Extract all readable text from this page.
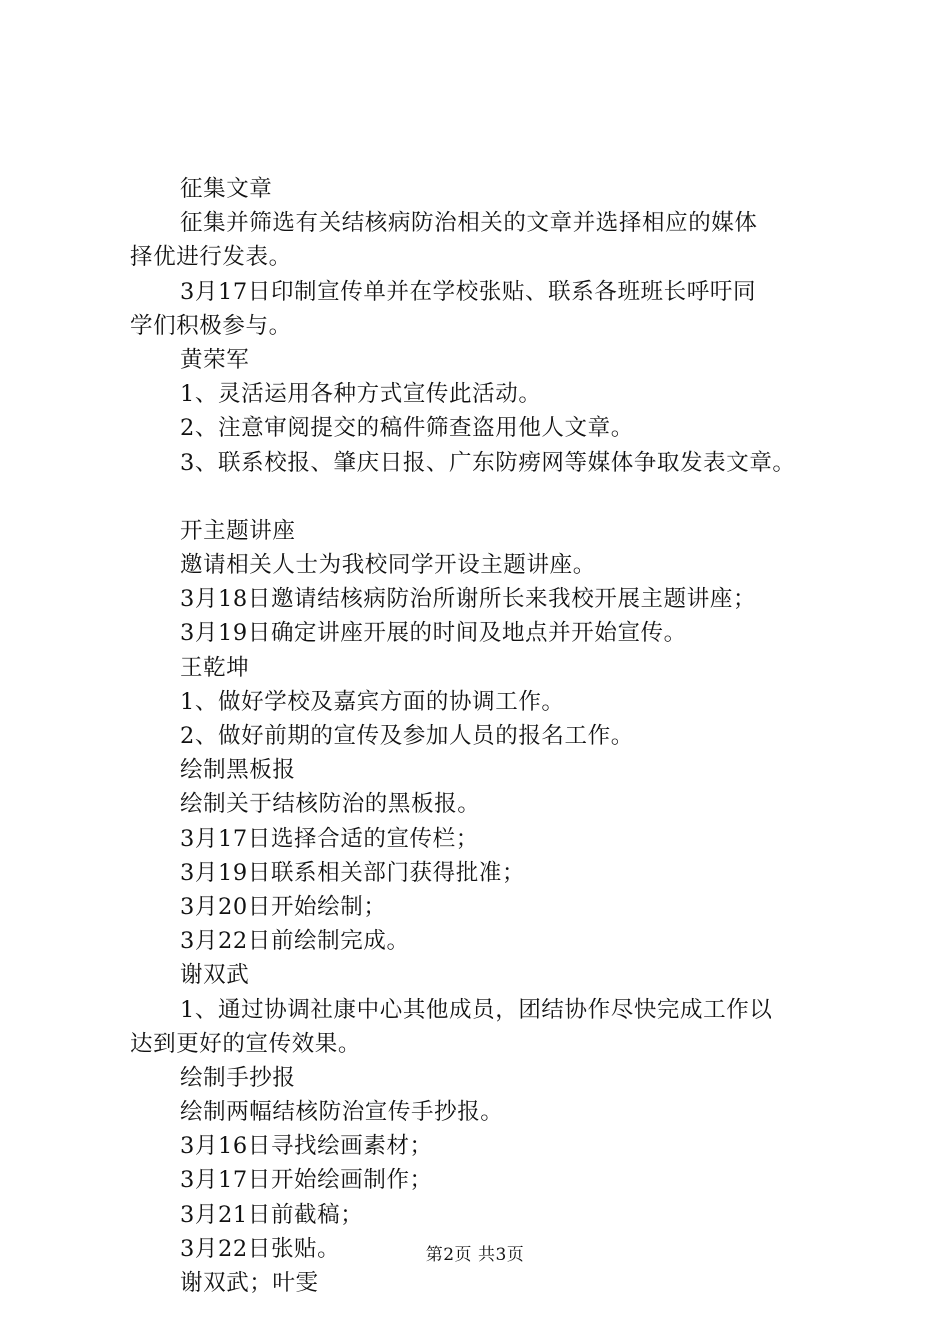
征集文章
征集并筛选有关结核病防治相关的文章并选择相应的媒体
择优进行发表。
3月17日印制宣传单并在学校张贴、联系各班班长呼吁同
学们积极参与。
黄荣军
1、灵活运用各种方式宣传此活动。
2、注意审阅提交的稿件筛查盗用他人文章。
3、联系校报、肇庆日报、广东防痨网等媒体争取发表文章。
开主题讲座
邀请相关人士为我校同学开设主题讲座。
3月18日邀请结核病防治所谢所长来我校开展主题讲座；
3月19日确定讲座开展的时间及地点并开始宣传。
王乾坤
1、做好学校及嘉宾方面的协调工作。
2、做好前期的宣传及参加人员的报名工作。
绘制黑板报
绘制关于结核防治的黑板报。
3月17日选择合适的宣传栏；
3月19日联系相关部门获得批准；
3月20日开始绘制；
3月22日前绘制完成。
谢双武
1、通过协调社康中心其他成员，团结协作尽快完成工作以
达到更好的宣传效果。
绘制手抄报
绘制两幅结核防治宣传手抄报。
3月16日寻找绘画素材；
3月17日开始绘画制作；
3月21日前截稿；
3月22日张贴。
谢双武；叶雯
第2页 共3页
